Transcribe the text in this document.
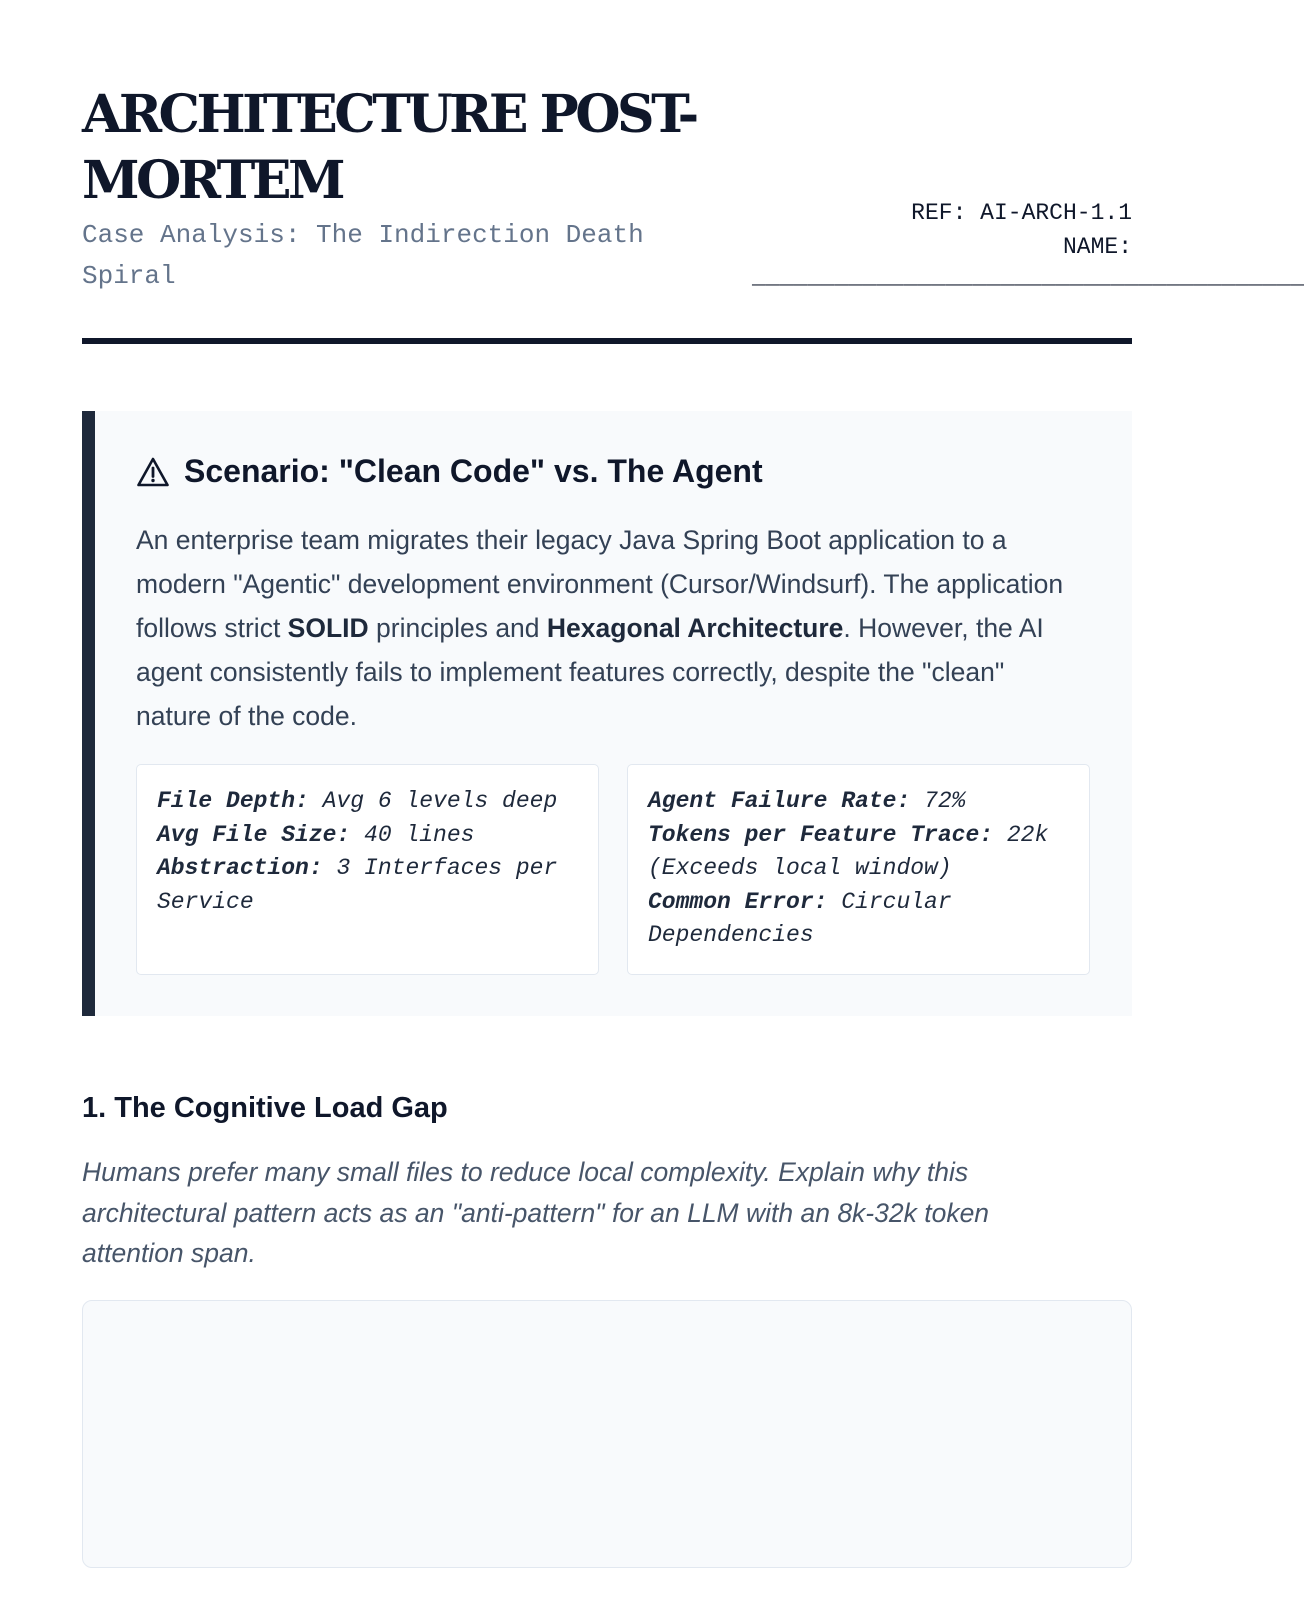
ARCHITECTURE POST-MORTEM
Case Analysis: The Indirection Death Spiral
REF: AI-ARCH-1.1
NAME:
________________________________________
Scenario: "Clean Code" vs. The Agent
An enterprise team migrates their legacy Java Spring Boot application to a modern "Agentic" development environment (Cursor/Windsurf). The application follows strict SOLID principles and Hexagonal Architecture. However, the AI agent consistently fails to implement features correctly, despite the "clean" nature of the code.
File Depth: Avg 6 levels deep
Avg File Size: 40 lines
Abstraction: 3 Interfaces per Service
Agent Failure Rate: 72%
Tokens per Feature Trace: 22k (Exceeds local window)
Common Error: Circular Dependencies
1. The Cognitive Load Gap
Humans prefer many small files to reduce local complexity. Explain why this architectural pattern acts as an "anti-pattern" for an LLM with an 8k-32k token attention span.
